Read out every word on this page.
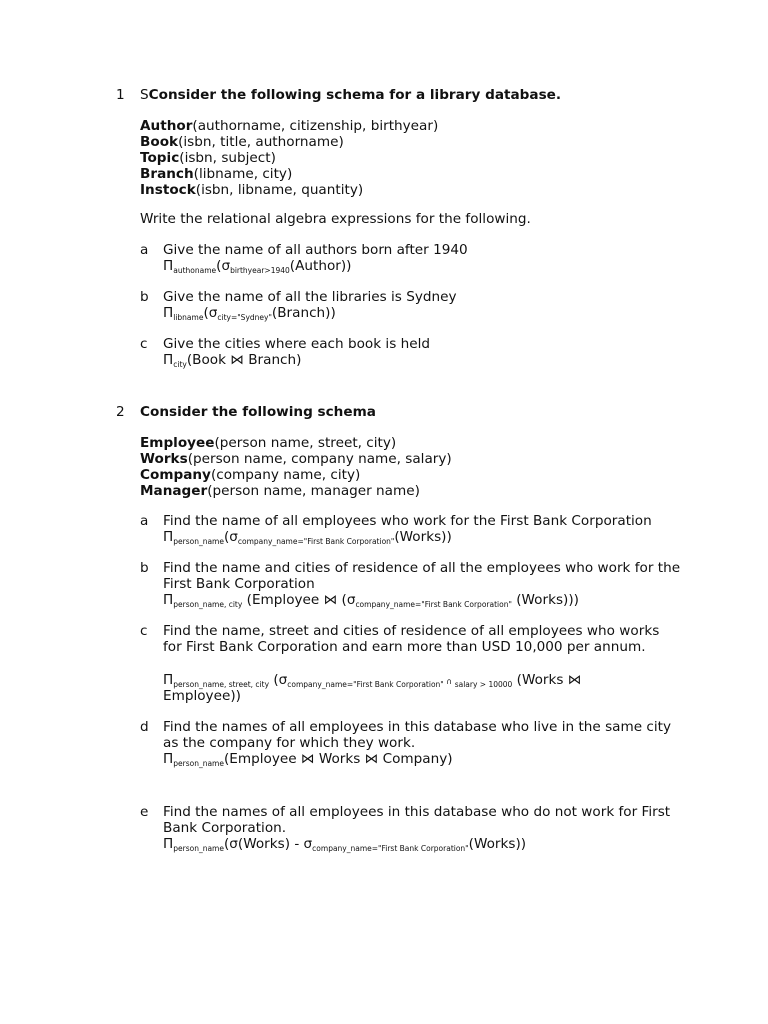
1 SConsider the following schema for a library database.
Author(authorname, citizenship, birthyear)
Book(isbn, title, authorname)
Topic(isbn, subject)
Branch(libname, city)
Instock(isbn, libname, quantity)
Write the relational algebra expressions for the following.
a Give the name of all authors born after 1940
$\Pi_{authoname}(\sigma_{birthyear>1940}(Author))$
b Give the name of all the libraries is Sydney
$\Pi_{libname}(\sigma_{city="Sydney"}(Branch))$
c Give the cities where each book is held
$\Pi_{city}(Book$ ⋈ Branch)
2 Consider the following schema
Employee(person name, street, city)
Works(person name, company name, salary)
Company(company name, city)
Manager(person name, manager name)
a Find the name of all employees who work for the First Bank Corporation
$\Pi_{person\_name}(\sigma_{company\_name="First Bank Corporation"}(Works))$
b Find the name and cities of residence of all the employees who work for the First Bank Corporation
$\Pi_{person\_name, city}$ (Employee ⋈ ($\sigma_{company\_name="First Bank Corporation"}$ (Works)))
c Find the name, street and cities of residence of all employees who works for First Bank Corporation and earn more than USD 10,000 per annum.
$\Pi_{person\_name, street, city}$ ($\sigma_{company\_name="First Bank Corporation"}$ ∩ $_{salary > 10000}$ (Works ⋈
Employee))
d Find the names of all employees in this database who live in the same city as the company for which they work.
$\Pi_{person\_name}(Employee$ ⋈ Works ⋈ Company)
e Find the names of all employees in this database who do not work for First Bank Corporation.
$\Pi_{person\_name}(\sigma(Works)$ - $\sigma_{company\_name="First Bank Corporation"}(Works)$)
